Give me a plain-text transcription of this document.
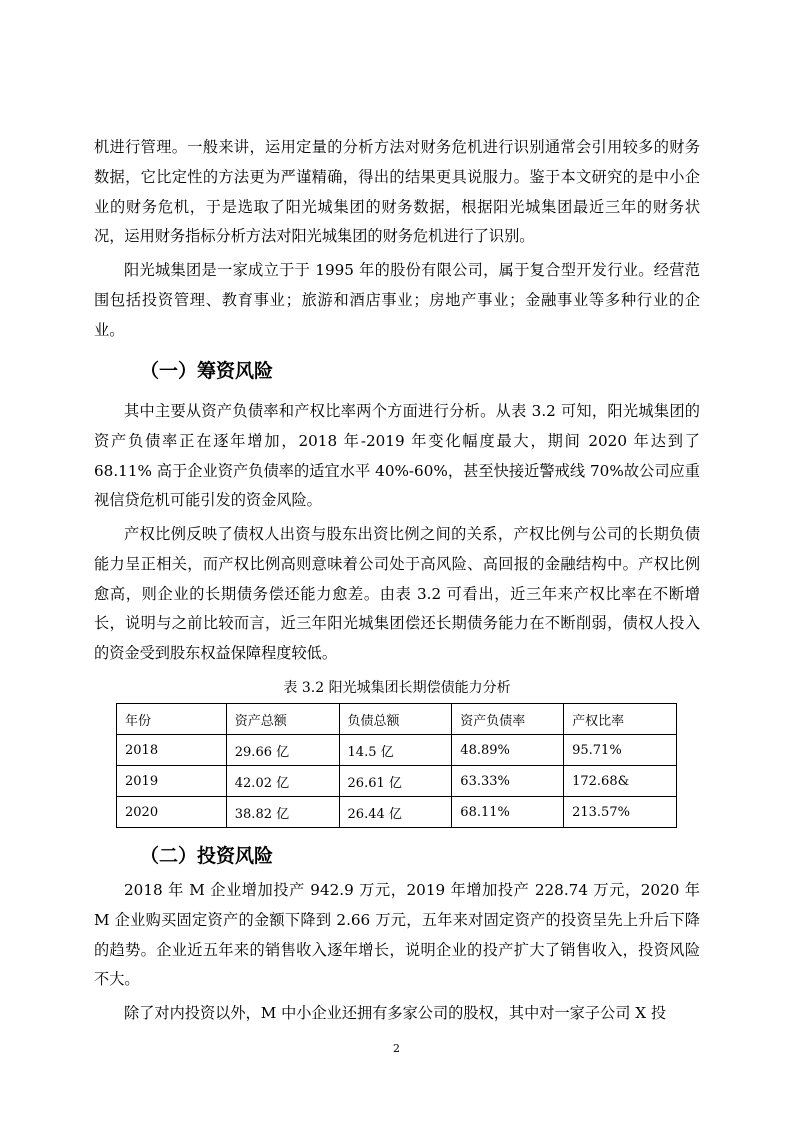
机进行管理。一般来讲，运用定量的分析方法对财务危机进行识别通常会引用较多的财务数据，它比定性的方法更为严谨精确，得出的结果更具说服力。鉴于本文研究的是中小企业的财务危机，于是选取了阳光城集团的财务数据，根据阳光城集团最近三年的财务状况，运用财务指标分析方法对阳光城集团的财务危机进行了识别。

阳光城集团是一家成立于于 1995 年的股份有限公司，属于复合型开发行业。经营范围包括投资管理、教育事业；旅游和酒店事业；房地产事业；金融事业等多种行业的企业。

（一）筹资风险

其中主要从资产负债率和产权比率两个方面进行分析。从表 3.2 可知，阳光城集团的资产负债率正在逐年增加，2018 年-2019 年变化幅度最大，期间 2020 年达到了 68.11% 高于企业资产负债率的适宜水平 40%-60%，甚至快接近警戒线 70%故公司应重视信贷危机可能引发的资金风险。

产权比例反映了债权人出资与股东出资比例之间的关系，产权比例与公司的长期负债能力呈正相关，而产权比例高则意味着公司处于高风险、高回报的金融结构中。产权比例愈高，则企业的长期债务偿还能力愈差。由表 3.2 可看出，近三年来产权比率在不断增长，说明与之前比较而言，近三年阳光城集团偿还长期债务能力在不断削弱，债权人投入的资金受到股东权益保障程度较低。

表 3.2 阳光城集团长期偿债能力分析

年份	资产总额	负债总额	资产负债率	产权比率
2018	29.66 亿	14.5 亿	48.89%	95.71%
2019	42.02 亿	26.61 亿	63.33%	172.68&
2020	38.82 亿	26.44 亿	68.11%	213.57%
（二）投资风险

2018 年 M 企业增加投产 942.9 万元，2019 年增加投产 228.74 万元，2020 年 M 企业购买固定资产的金额下降到 2.66 万元，五年来对固定资产的投资呈先上升后下降的趋势。企业近五年来的销售收入逐年增长，说明企业的投产扩大了销售收入，投资风险不大。

除了对内投资以外，M 中小企业还拥有多家公司的股权，其中对一家子公司 X 投

2
